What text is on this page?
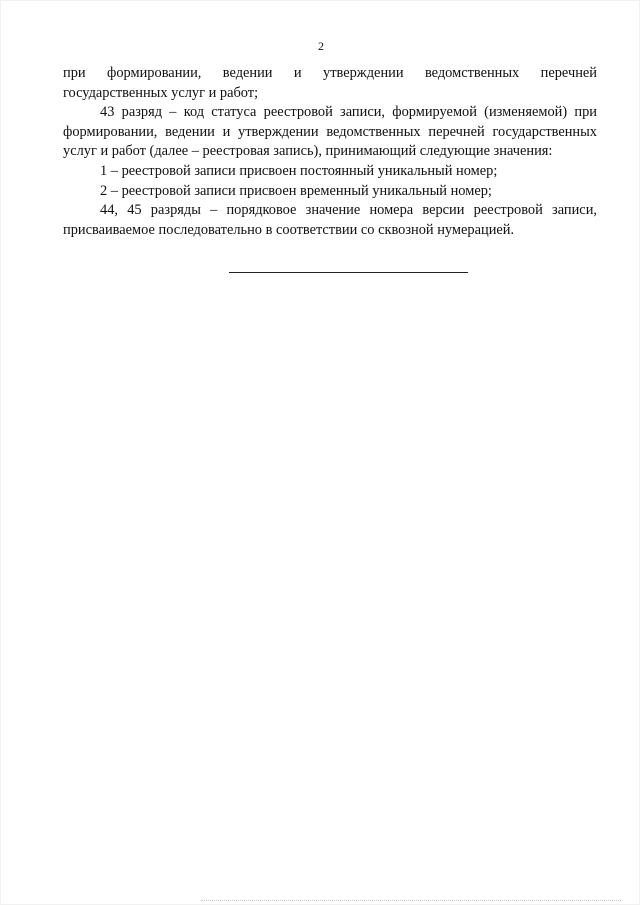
2

при формировании, ведении и утверждении ведомственных перечней государственных услуг и работ;

43 разряд – код статуса реестровой записи, формируемой (изменяемой) при формировании, ведении и утверждении ведомственных перечней государственных услуг и работ (далее – реестровая запись), принимающий следующие значения:

1 – реестровой записи присвоен постоянный уникальный номер;

2 – реестровой записи присвоен временный уникальный номер;

44, 45 разряды – порядковое значение номера версии реестровой записи, присваиваемое последовательно в соответствии со сквозной нумерацией.
